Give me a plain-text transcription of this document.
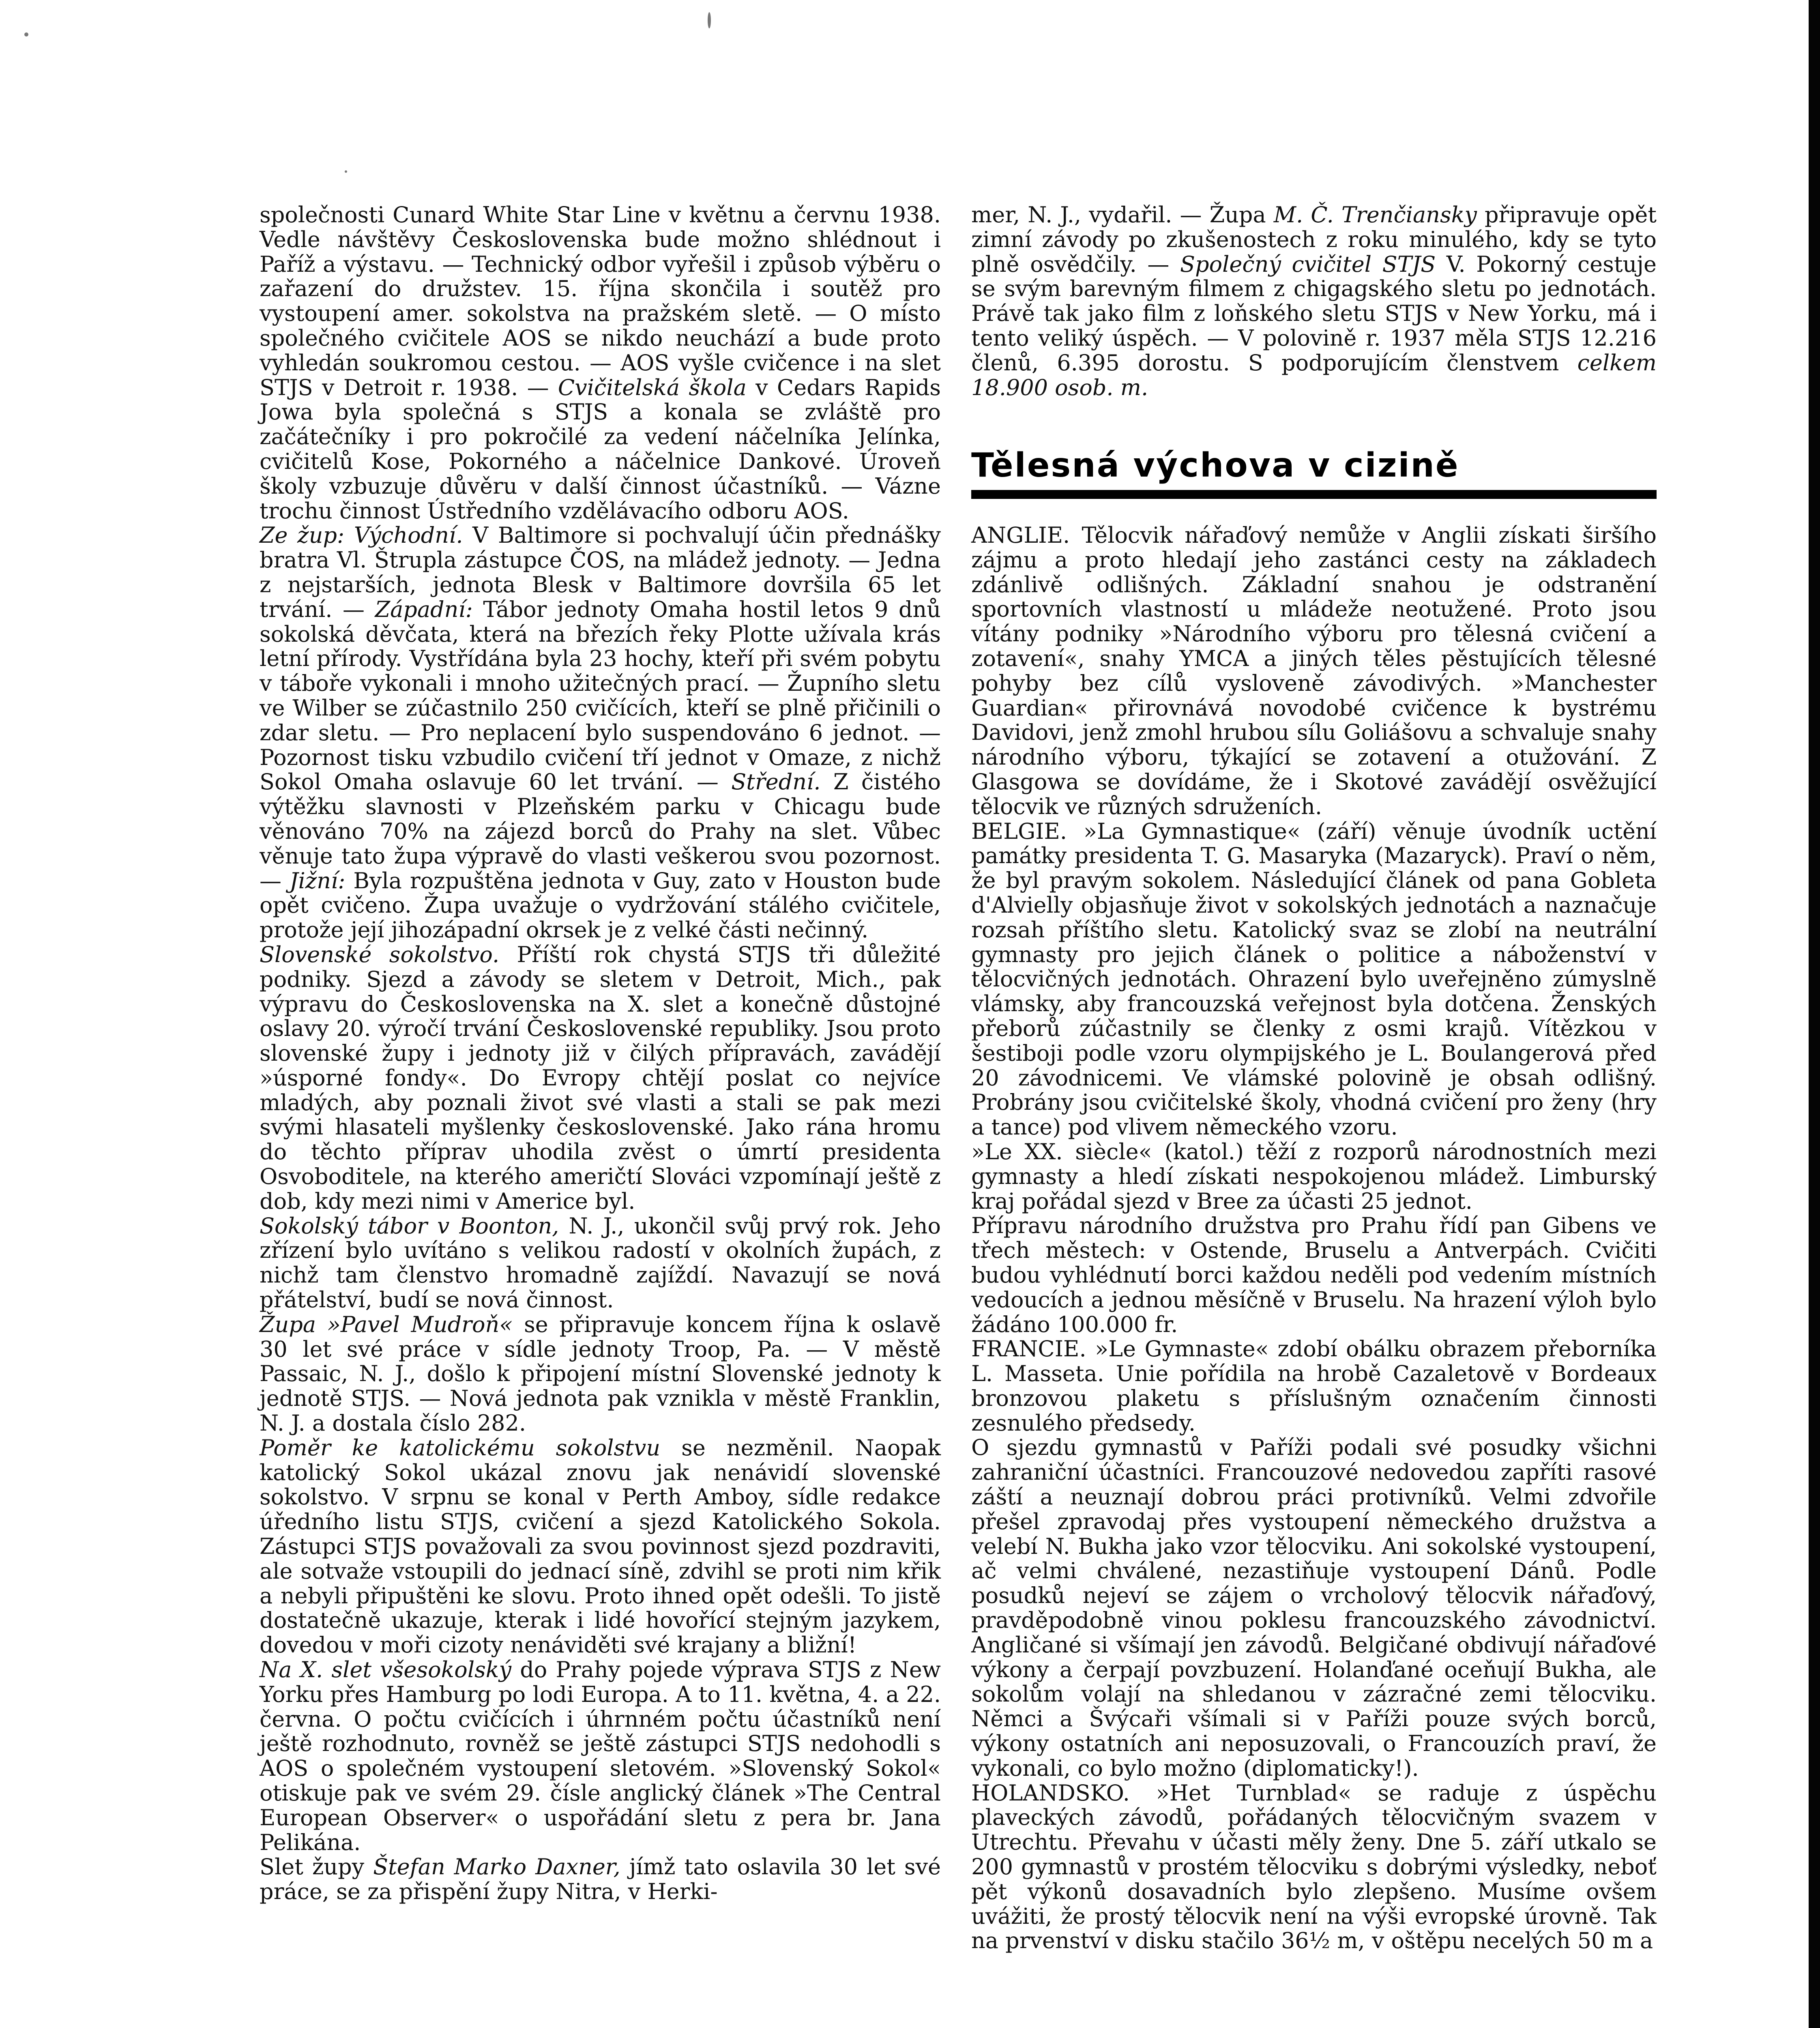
společnosti Cunard White Star Line v květnu a červnu 1938. Vedle návštěvy Československa bude možno shlédnout i Paříž a výstavu. — Technický odbor vyřešil i způsob výběru o zařazení do družstev. 15. října skončila i soutěž pro vystoupení amer. sokolstva na pražském sletě. — O místo společného cvičitele AOS se nikdo neuchází a bude proto vyhledán soukromou cestou. — AOS vyšle cvičence i na slet STJS v Detroit r. 1938. — Cvičitelská škola v Cedars Rapids Jowa byla společná s STJS a konala se zvláště pro začátečníky i pro pokročilé za vedení náčelníka Jelínka, cvičitelů Kose, Pokorného a náčelnice Dankové. Úroveň školy vzbuzuje důvěru v další činnost účastníků. — Vázne trochu činnost Ústředního vzdělávacího odboru AOS.

Ze žup: Východní. V Baltimore si pochvalují účin přednášky bratra Vl. Štrupla zástupce ČOS, na mládež jednoty. — Jedna z nejstarších, jednota Blesk v Baltimore dovršila 65 let trvání. — Západní: Tábor jednoty Omaha hostil letos 9 dnů sokolská děvčata, která na březích řeky Plotte užívala krás letní přírody. Vystřídána byla 23 hochy, kteří při svém pobytu v táboře vykonali i mnoho užitečných prací. — Župního sletu ve Wilber se zúčastnilo 250 cvičících, kteří se plně přičinili o zdar sletu. — Pro neplacení bylo suspendováno 6 jednot. — Pozornost tisku vzbudilo cvičení tří jednot v Omaze, z nichž Sokol Omaha oslavuje 60 let trvání. — Střední. Z čistého výtěžku slavnosti v Plzeňském parku v Chicagu bude věnováno 70% na zájezd borců do Prahy na slet. Vůbec věnuje tato župa výpravě do vlasti veškerou svou pozornost. — Jižní: Byla rozpuštěna jednota v Guy, zato v Houston bude opět cvičeno. Župa uvažuje o vydržování stálého cvičitele, protože její jihozápadní okrsek je z velké části nečinný.

Slovenské sokolstvo. Příští rok chystá STJS tři důležité podniky. Sjezd a závody se sletem v Detroit, Mich., pak výpravu do Československa na X. slet a konečně důstojné oslavy 20. výročí trvání Československé republiky. Jsou proto slovenské župy i jednoty již v čilých přípravách, zavádějí »úsporné fondy«. Do Evropy chtějí poslat co nejvíce mladých, aby poznali život své vlasti a stali se pak mezi svými hlasateli myšlenky československé. Jako rána hromu do těchto příprav uhodila zvěst o úmrtí presidenta Osvoboditele, na kterého američtí Slováci vzpomínají ještě z dob, kdy mezi nimi v Americe byl.

Sokolský tábor v Boonton, N. J., ukončil svůj prvý rok. Jeho zřízení bylo uvítáno s velikou radostí v okolních župách, z nichž tam členstvo hromadně zajíždí. Navazují se nová přátelství, budí se nová činnost.

Župa »Pavel Mudroň« se připravuje koncem října k oslavě 30 let své práce v sídle jednoty Troop, Pa. — V městě Passaic, N. J., došlo k připojení místní Slovenské jednoty k jednotě STJS. — Nová jednota pak vznikla v městě Franklin, N. J. a dostala číslo 282.

Poměr ke katolickému sokolstvu se nezměnil. Naopak katolický Sokol ukázal znovu jak nenávidí slovenské sokolstvo. V srpnu se konal v Perth Amboy, sídle redakce úředního listu STJS, cvičení a sjezd Katolického Sokola. Zástupci STJS považovali za svou povinnost sjezd pozdraviti, ale sotvaže vstoupili do jednací síně, zdvihl se proti nim křik a nebyli připuštěni ke slovu. Proto ihned opět odešli. To jistě dostatečně ukazuje, kterak i lidé hovořící stejným jazykem, dovedou v moři cizoty nenáviděti své krajany a bližní!

Na X. slet všesokolský do Prahy pojede výprava STJS z New Yorku přes Hamburg po lodi Europa. A to 11. května, 4. a 22. června. O počtu cvičících i úhrnném počtu účastníků není ještě rozhodnuto, rovněž se ještě zástupci STJS nedohodli s AOS o společném vystoupení sletovém. »Slovenský Sokol« otiskuje pak ve svém 29. čísle anglický článek »The Central European Observer« o uspořádání sletu z pera br. Jana Pelikána.

Slet župy Štefan Marko Daxner, jímž tato oslavila 30 let své práce, se za přispění župy Nitra, v Herki-

mer, N. J., vydařil. — Župa M. Č. Trenčiansky připravuje opět zimní závody po zkušenostech z roku minulého, kdy se tyto plně osvědčily. — Společný cvičitel STJS V. Pokorný cestuje se svým barevným filmem z chigagského sletu po jednotách. Právě tak jako film z loňského sletu STJS v New Yorku, má i tento veliký úspěch. — V polovině r. 1937 měla STJS 12.216 členů, 6.395 dorostu. S podporujícím členstvem celkem 18.900 osob. m.

Tělesná výchova v cizině

ANGLIE. Tělocvik nářaďový nemůže v Anglii získati širšího zájmu a proto hledají jeho zastánci cesty na základech zdánlivě odlišných. Základní snahou je odstranění sportovních vlastností u mládeže neotužené. Proto jsou vítány podniky »Národního výboru pro tělesná cvičení a zotavení«, snahy YMCA a jiných těles pěstujících tělesné pohyby bez cílů vysloveně závodivých. »Manchester Guardian« přirovnává novodobé cvičence k bystrému Davidovi, jenž zmohl hrubou sílu Goliášovu a schvaluje snahy národního výboru, týkající se zotavení a otužování. Z Glasgowa se dovídáme, že i Skotové zavádějí osvěžující tělocvik ve různých sdruženích.

BELGIE. »La Gymnastique« (září) věnuje úvodník uctění památky presidenta T. G. Masaryka (Mazaryck). Praví o něm, že byl pravým sokolem. Následující článek od pana Gobleta d'Alvielly objasňuje život v sokolských jednotách a naznačuje rozsah příštího sletu. Katolický svaz se zlobí na neutrální gymnasty pro jejich článek o politice a náboženství v tělocvičných jednotách. Ohrazení bylo uveřejněno zúmyslně vlámsky, aby francouzská veřejnost byla dotčena. Ženských přeborů zúčastnily se členky z osmi krajů. Vítězkou v šestiboji podle vzoru olympijského je L. Boulangerová před 20 závodnicemi. Ve vlámské polovině je obsah odlišný. Probrány jsou cvičitelské školy, vhodná cvičení pro ženy (hry a tance) pod vlivem německého vzoru.

»Le XX. siècle« (katol.) těží z rozporů národnostních mezi gymnasty a hledí získati nespokojenou mládež. Limburský kraj pořádal sjezd v Bree za účasti 25 jednot.

Přípravu národního družstva pro Prahu řídí pan Gibens ve třech městech: v Ostende, Bruselu a Antverpách. Cvičiti budou vyhlédnutí borci každou neděli pod vedením místních vedoucích a jednou měsíčně v Bruselu. Na hrazení výloh bylo žádáno 100.000 fr.

FRANCIE. »Le Gymnaste« zdobí obálku obrazem přeborníka L. Masseta. Unie pořídila na hrobě Cazaletově v Bordeaux bronzovou plaketu s příslušným označením činnosti zesnulého předsedy.

O sjezdu gymnastů v Paříži podali své posudky všichni zahraniční účastníci. Francouzové nedovedou zapříti rasové záští a neuznají dobrou práci protivníků. Velmi zdvořile přešel zpravodaj přes vystoupení německého družstva a velebí N. Bukha jako vzor tělocviku. Ani sokolské vystoupení, ač velmi chválené, nezastiňuje vystoupení Dánů. Podle posudků nejeví se zájem o vrcholový tělocvik nářaďový, pravděpodobně vinou poklesu francouzského závodnictví. Angličané si všímají jen závodů. Belgičané obdivují nářaďové výkony a čerpají povzbuzení. Holanďané oceňují Bukha, ale sokolům volají na shledanou v zázračné zemi tělocviku. Němci a Švýcaři všímali si v Paříži pouze svých borců, výkony ostatních ani neposuzovali, o Francouzích praví, že vykonali, co bylo možno (diplomaticky!).

HOLANDSKO. »Het Turnblad« se raduje z úspěchu plaveckých závodů, pořádaných tělocvičným svazem v Utrechtu. Převahu v účasti měly ženy. Dne 5. září utkalo se 200 gymnastů v prostém tělocviku s dobrými výsledky, neboť pět výkonů dosavadních bylo zlepšeno. Musíme ovšem uvážiti, že prostý tělocvik není na výši evropské úrovně. Tak na prvenství v disku stačilo 36½ m, v oštěpu necelých 50 m a
